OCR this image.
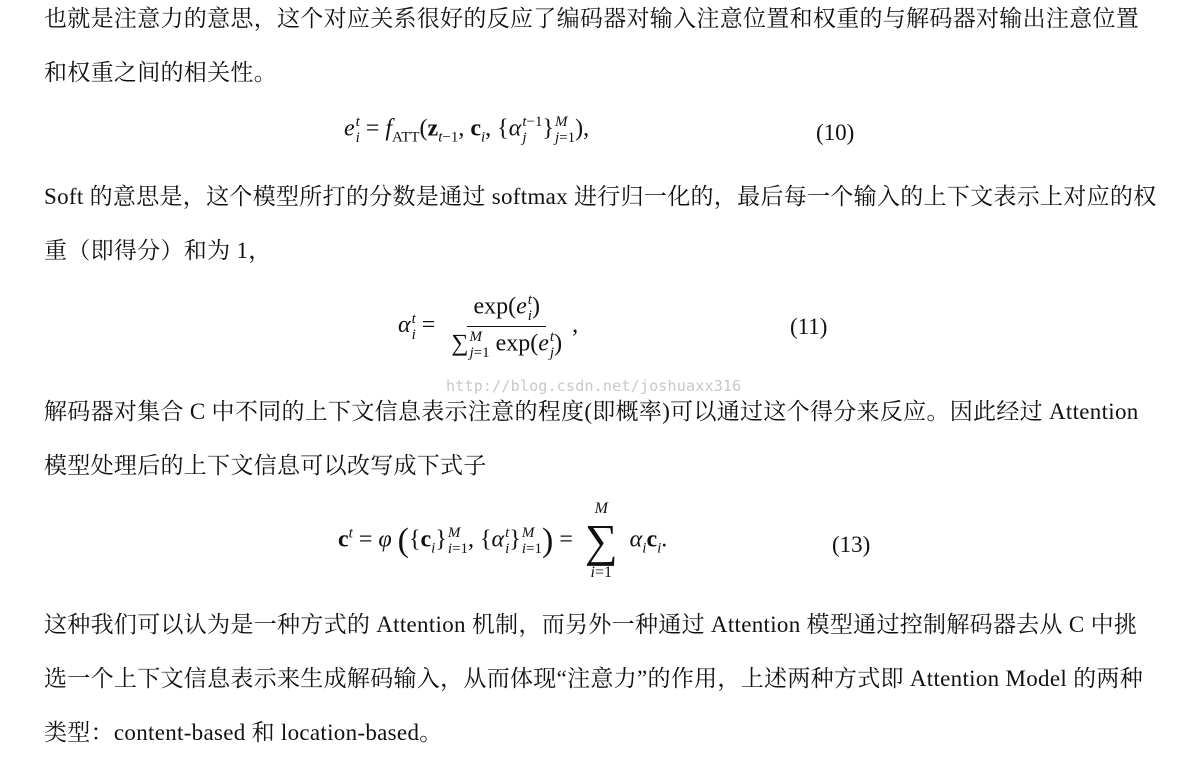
也就是注意力的意思，这个对应关系很好的反应了编码器对输入注意位置和权重的与解码器对输出注意位置和权重之间的相关性。
e t
$i = f_{ATT}(z_{t-1}$, $c_i$, {α t−1
j } M
j=1 ),	(10)
Soft 的意思是，这个模型所打的分数是通过 softmax 进行归一化的，最后每一个输入的上下文表示上对应的权重（即得分）和为 1，
α t
i = exp(e t
i )
∑ M
j=1 exp(e t
j ) ,	(11)
http://blog.csdn.net/joshuaxx316
解码器对集合 C 中不同的上下文信息表示注意的程度(即概率)可以通过这个得分来反应。因此经过 Attention 模型处理后的上下文信息可以改写成下式子
$c^t = \varphi$ ($\{c_i\}$ M
i=1 , {α t
i } M
i=1 ) =
M
∑
i=1
$\alpha_ic_i$.	(13)
这种我们可以认为是一种方式的 Attention 机制，而另外一种通过 Attention 模型通过控制解码器去从 C 中挑选一个上下文信息表示来生成解码输入，从而体现“注意力”的作用，上述两种方式即 Attention Model 的两种类型：content-based 和 location-based。
